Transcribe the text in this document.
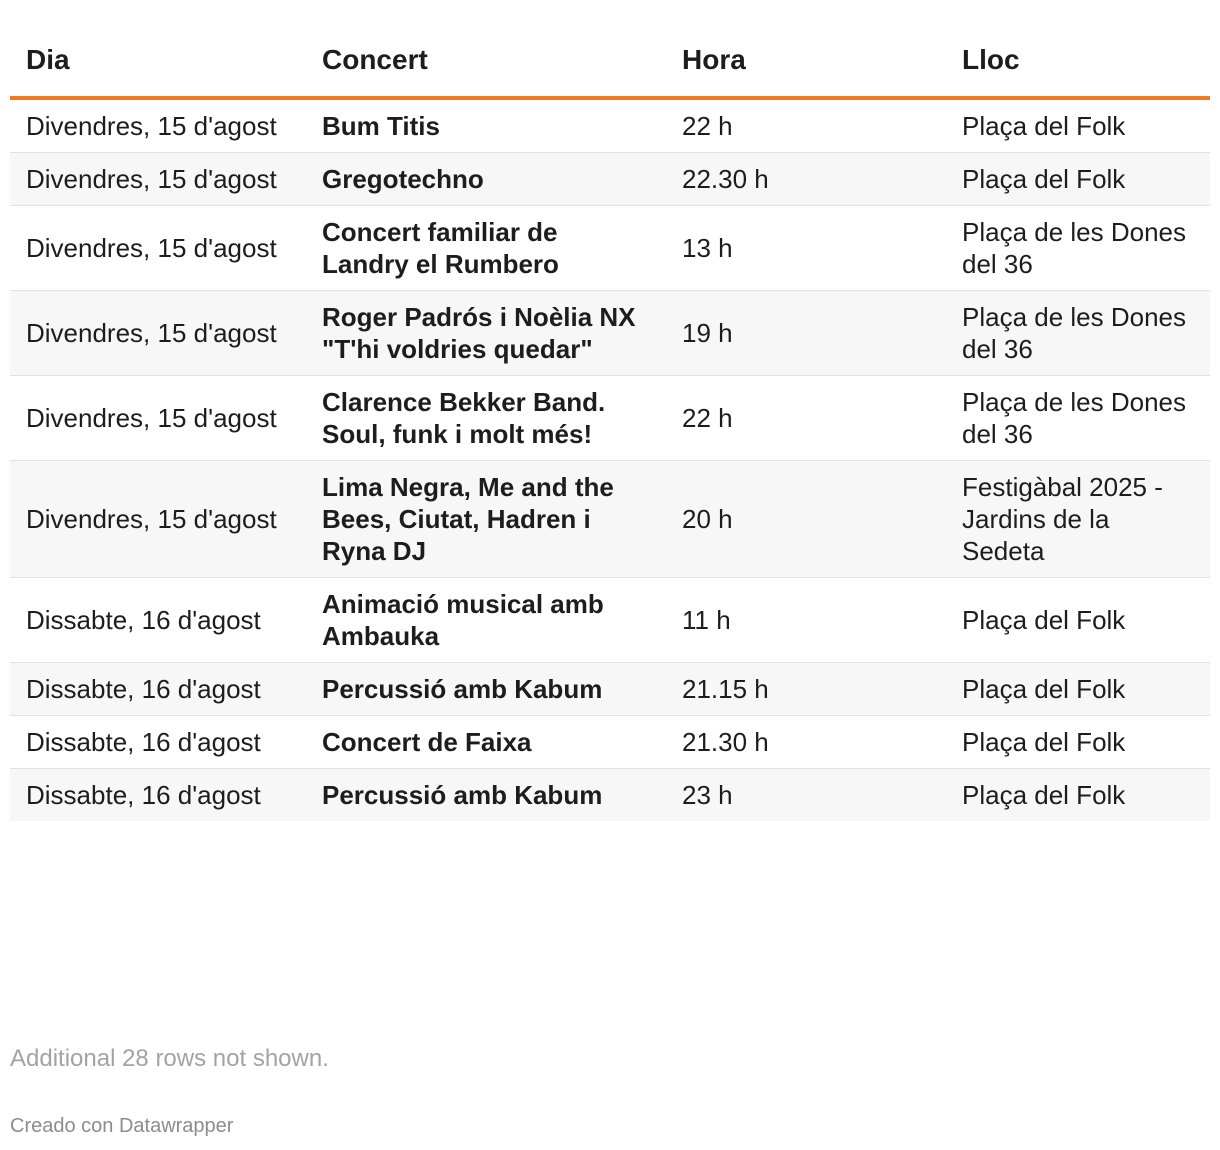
Dia	Concert	Hora	Lloc
Divendres, 15 d'agost	Bum Titis	22 h	Plaça del Folk
Divendres, 15 d'agost	Gregotechno	22.30 h	Plaça del Folk
Divendres, 15 d'agost	Concert familiar de Landry el Rumbero	13 h	Plaça de les Dones del 36
Divendres, 15 d'agost	Roger Padrós i Noèlia NX "T'hi voldries quedar"	19 h	Plaça de les Dones del 36
Divendres, 15 d'agost	Clarence Bekker Band. Soul, funk i molt més!	22 h	Plaça de les Dones del 36
Divendres, 15 d'agost	Lima Negra, Me and the Bees, Ciutat, Hadren i Ryna DJ	20 h	Festigàbal 2025 - Jardins de la Sedeta
Dissabte, 16 d'agost	Animació musical amb Ambauka	11 h	Plaça del Folk
Dissabte, 16 d'agost	Percussió amb Kabum	21.15 h	Plaça del Folk
Dissabte, 16 d'agost	Concert de Faixa	21.30 h	Plaça del Folk
Dissabte, 16 d'agost	Percussió amb Kabum	23 h	Plaça del Folk
Additional 28 rows not shown.
Creado con Datawrapper
